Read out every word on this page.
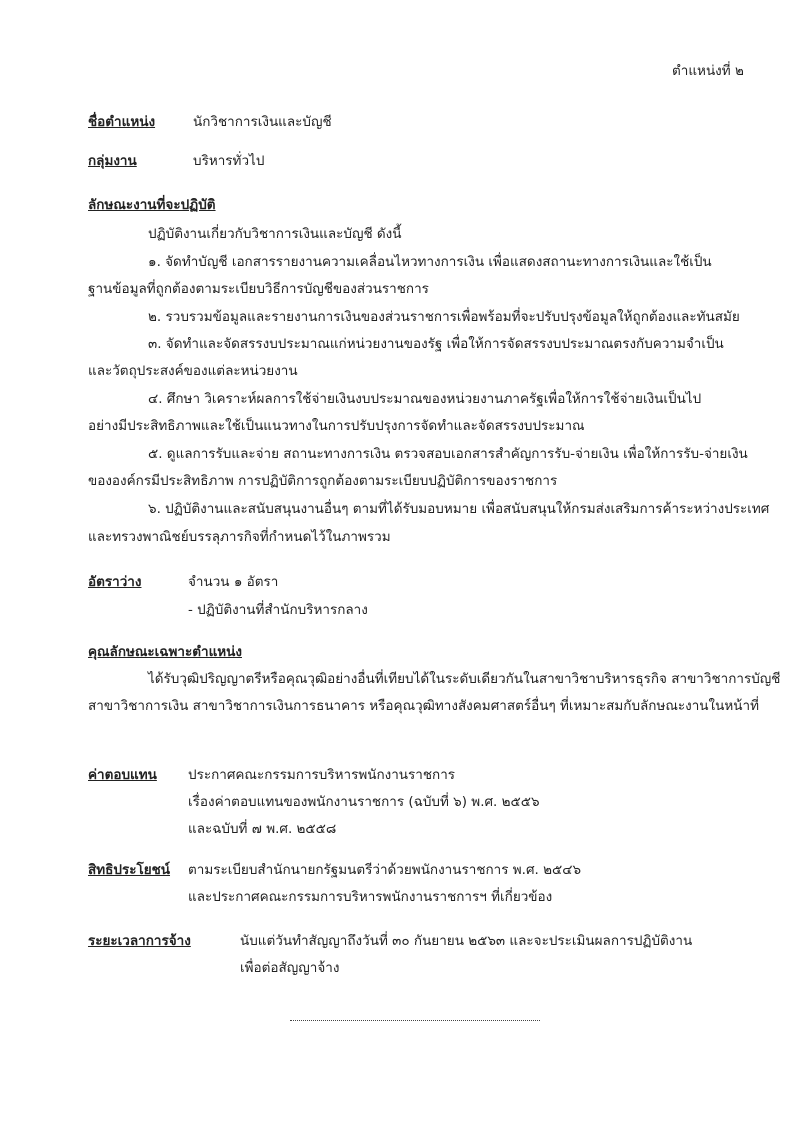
ตำแหน่งที่ ๒
ชื่อตำแหน่ง	นักวิชาการเงินและบัญชี
กลุ่มงาน	บริหารทั่วไป
ลักษณะงานที่จะปฏิบัติ
ปฏิบัติงานเกี่ยวกับวิชาการเงินและบัญชี ดังนี้
๑. จัดทำบัญชี เอกสารรายงานความเคลื่อนไหวทางการเงิน เพื่อแสดงสถานะทางการเงินและใช้เป็น
ฐานข้อมูลที่ถูกต้องตามระเบียบวิธีการบัญชีของส่วนราชการ
๒. รวบรวมข้อมูลและรายงานการเงินของส่วนราชการเพื่อพร้อมที่จะปรับปรุงข้อมูลให้ถูกต้องและทันสมัย
๓. จัดทำและจัดสรรงบประมาณแก่หน่วยงานของรัฐ เพื่อให้การจัดสรรงบประมาณตรงกับความจำเป็น
และวัตถุประสงค์ของแต่ละหน่วยงาน
๔. ศึกษา วิเคราะห์ผลการใช้จ่ายเงินงบประมาณของหน่วยงานภาครัฐเพื่อให้การใช้จ่ายเงินเป็นไป
อย่างมีประสิทธิภาพและใช้เป็นแนวทางในการปรับปรุงการจัดทำและจัดสรรงบประมาณ
๕. ดูแลการรับและจ่าย สถานะทางการเงิน ตรวจสอบเอกสารสำคัญการรับ-จ่ายเงิน เพื่อให้การรับ-จ่ายเงิน
ขององค์กรมีประสิทธิภาพ การปฏิบัติการถูกต้องตามระเบียบปฏิบัติการของราชการ
๖. ปฏิบัติงานและสนับสนุนงานอื่นๆ ตามที่ได้รับมอบหมาย เพื่อสนับสนุนให้กรมส่งเสริมการค้าระหว่างประเทศ
และทรวงพาณิชย์บรรลุภารกิจที่กำหนดไว้ในภาพรวม
อัตราว่าง	จำนวน ๑ อัตรา
- ปฏิบัติงานที่สำนักบริหารกลาง
คุณลักษณะเฉพาะตำแหน่ง
ได้รับวุฒิปริญญาตรีหรือคุณวุฒิอย่างอื่นที่เทียบได้ในระดับเดียวกันในสาขาวิชาบริหารธุรกิจ สาขาวิชาการบัญชี
สาขาวิชาการเงิน สาขาวิชาการเงินการธนาคาร หรือคุณวุฒิทางสังคมศาสตร์อื่นๆ ที่เหมาะสมกับลักษณะงานในหน้าที่
ค่าตอบแทน ประกาศคณะกรรมการบริหารพนักงานราชการ
เรื่องค่าตอบแทนของพนักงานราชการ (ฉบับที่ ๖) พ.ศ. ๒๕๕๖
และฉบับที่ ๗ พ.ศ. ๒๕๕๘
สิทธิประโยชน์ ตามระเบียบสำนักนายกรัฐมนตรีว่าด้วยพนักงานราชการ พ.ศ. ๒๕๔๖
และประกาศคณะกรรมการบริหารพนักงานราชการฯ ที่เกี่ยวข้อง
ระยะเวลาการจ้าง	นับแต่วันทำสัญญาถึงวันที่ ๓๐ กันยายน ๒๕๖๓ และจะประเมินผลการปฏิบัติงาน
เพื่อต่อสัญญาจ้าง
